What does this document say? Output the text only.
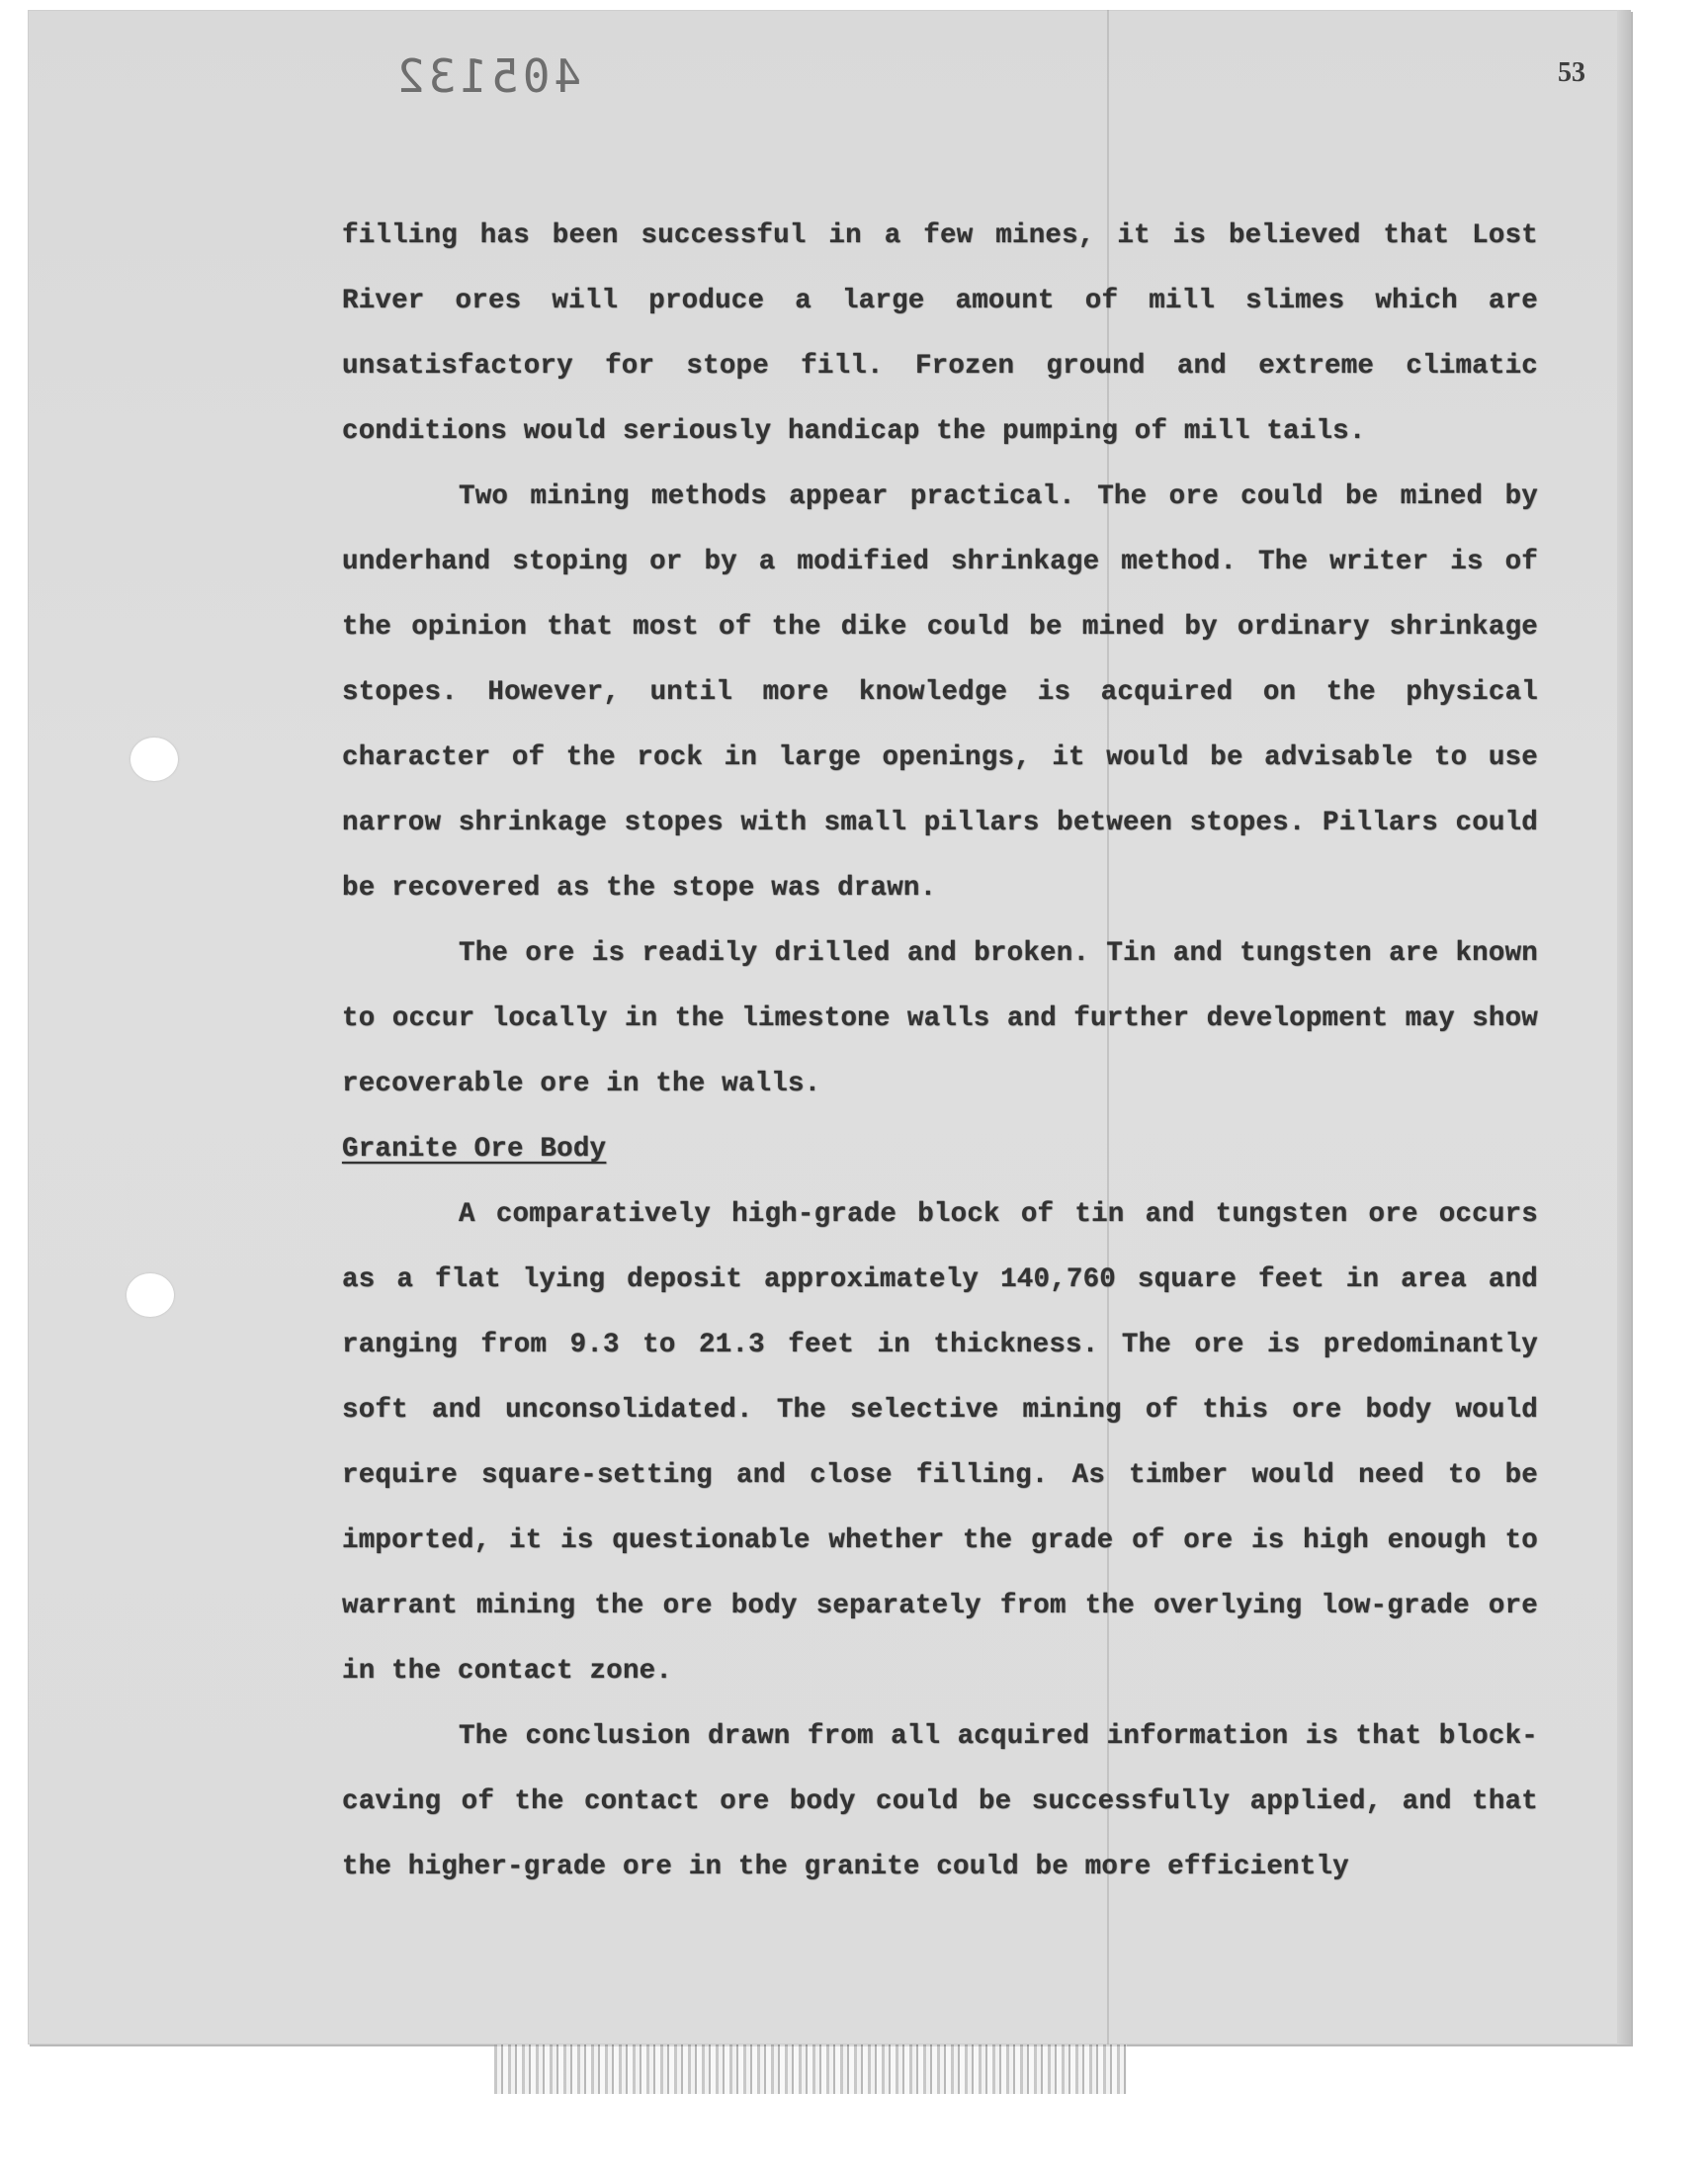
405132	53

filling has been successful in a few mines, it is believed that Lost River ores will produce a large amount of mill slimes which are unsatisfactory for stope fill. Frozen ground and extreme climatic conditions would seriously handicap the pumping of mill tails.

Two mining methods appear practical. The ore could be mined by underhand stoping or by a modified shrinkage method. The writer is of the opinion that most of the dike could be mined by ordinary shrinkage stopes. However, until more knowledge is acquired on the physical character of the rock in large openings, it would be advisable to use narrow shrinkage stopes with small pillars between stopes. Pillars could be recovered as the stope was drawn.

The ore is readily drilled and broken. Tin and tungsten are known to occur locally in the limestone walls and further development may show recoverable ore in the walls.

Granite Ore Body

A comparatively high-grade block of tin and tungsten ore occurs as a flat lying deposit approximately 140,760 square feet in area and ranging from 9.3 to 21.3 feet in thickness. The ore is predominantly soft and unconsolidated. The selective mining of this ore body would require square-setting and close filling. As timber would need to be imported, it is questionable whether the grade of ore is high enough to warrant mining the ore body separately from the overlying low-grade ore in the contact zone.

The conclusion drawn from all acquired information is that block-caving of the contact ore body could be successfully applied, and that the higher-grade ore in the granite could be more efficiently
